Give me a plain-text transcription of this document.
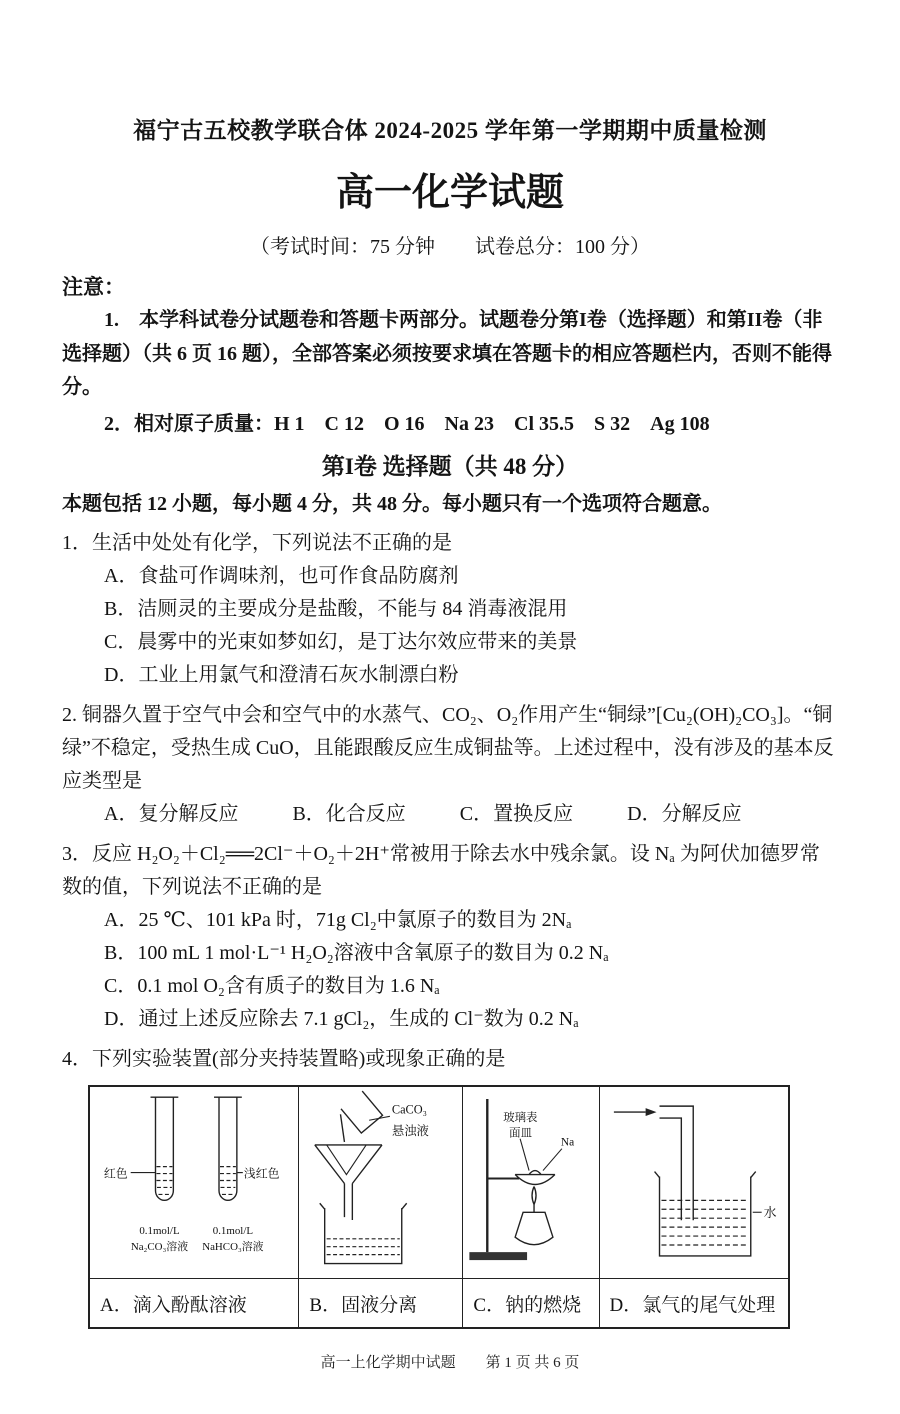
福宁古五校教学联合体 2024-2025 学年第一学期期中质量检测
高一化学试题

（考试时间：75 分钟　　试卷总分：100 分）

注意：

1.　本学科试卷分试题卷和答题卡两部分。试题卷分第I卷（选择题）和第II卷（非选择题）（共 6 页 16 题），全部答案必须按要求填在答题卡的相应答题栏内，否则不能得分。

2．相对原子质量：H 1　C 12　O 16　Na 23　Cl 35.5　S 32　Ag 108

第I卷 选择题（共 48 分）

本题包括 12 小题，每小题 4 分，共 48 分。每小题只有一个选项符合题意。

1．生活中处处有化学，下列说法不正确的是

A．食盐可作调味剂，也可作食品防腐剂

B．洁厕灵的主要成分是盐酸，不能与 84 消毒液混用

C．晨雾中的光束如梦如幻，是丁达尔效应带来的美景

D．工业上用氯气和澄清石灰水制漂白粉

2. 铜器久置于空气中会和空气中的水蒸气、CO₂、O₂作用产生“铜绿”[Cu₂(OH)₂CO₃]。“铜绿”不稳定，受热生成 CuO，且能跟酸反应生成铜盐等。上述过程中，没有涉及的基本反应类型是

A．复分解反应	B．化合反应	C．置换反应	D．分解反应

3．反应 H₂O₂＋Cl₂══2Cl⁻＋O₂＋2H⁺常被用于除去水中残余氯。设 Nₐ 为阿伏加德罗常数的值，下列说法不正确的是

A．25 ℃、101 kPa 时，71g Cl₂中氯原子的数目为 2Nₐ

B．100 mL 1 mol·L⁻¹ H₂O₂溶液中含氧原子的数目为 0.2 Nₐ

C．0.1 mol O₂含有质子的数目为 1.6 Nₐ

D．通过上述反应除去 7.1 gCl₂，生成的 Cl⁻数为 0.2 Nₐ

4．下列实验装置(部分夹持装置略)或现象正确的是

红色	浅红色
0.1mol/L
Na₂CO₃溶液
0.1mol/L
NaHCO₃溶液
CaCO₃
悬浊液
玻璃表
面皿
Na
水
A．滴入酚酞溶液	B．固液分离	C．钠的燃烧	D．氯气的尾气处理

高一上化学期中试题　　第 1 页 共 6 页
